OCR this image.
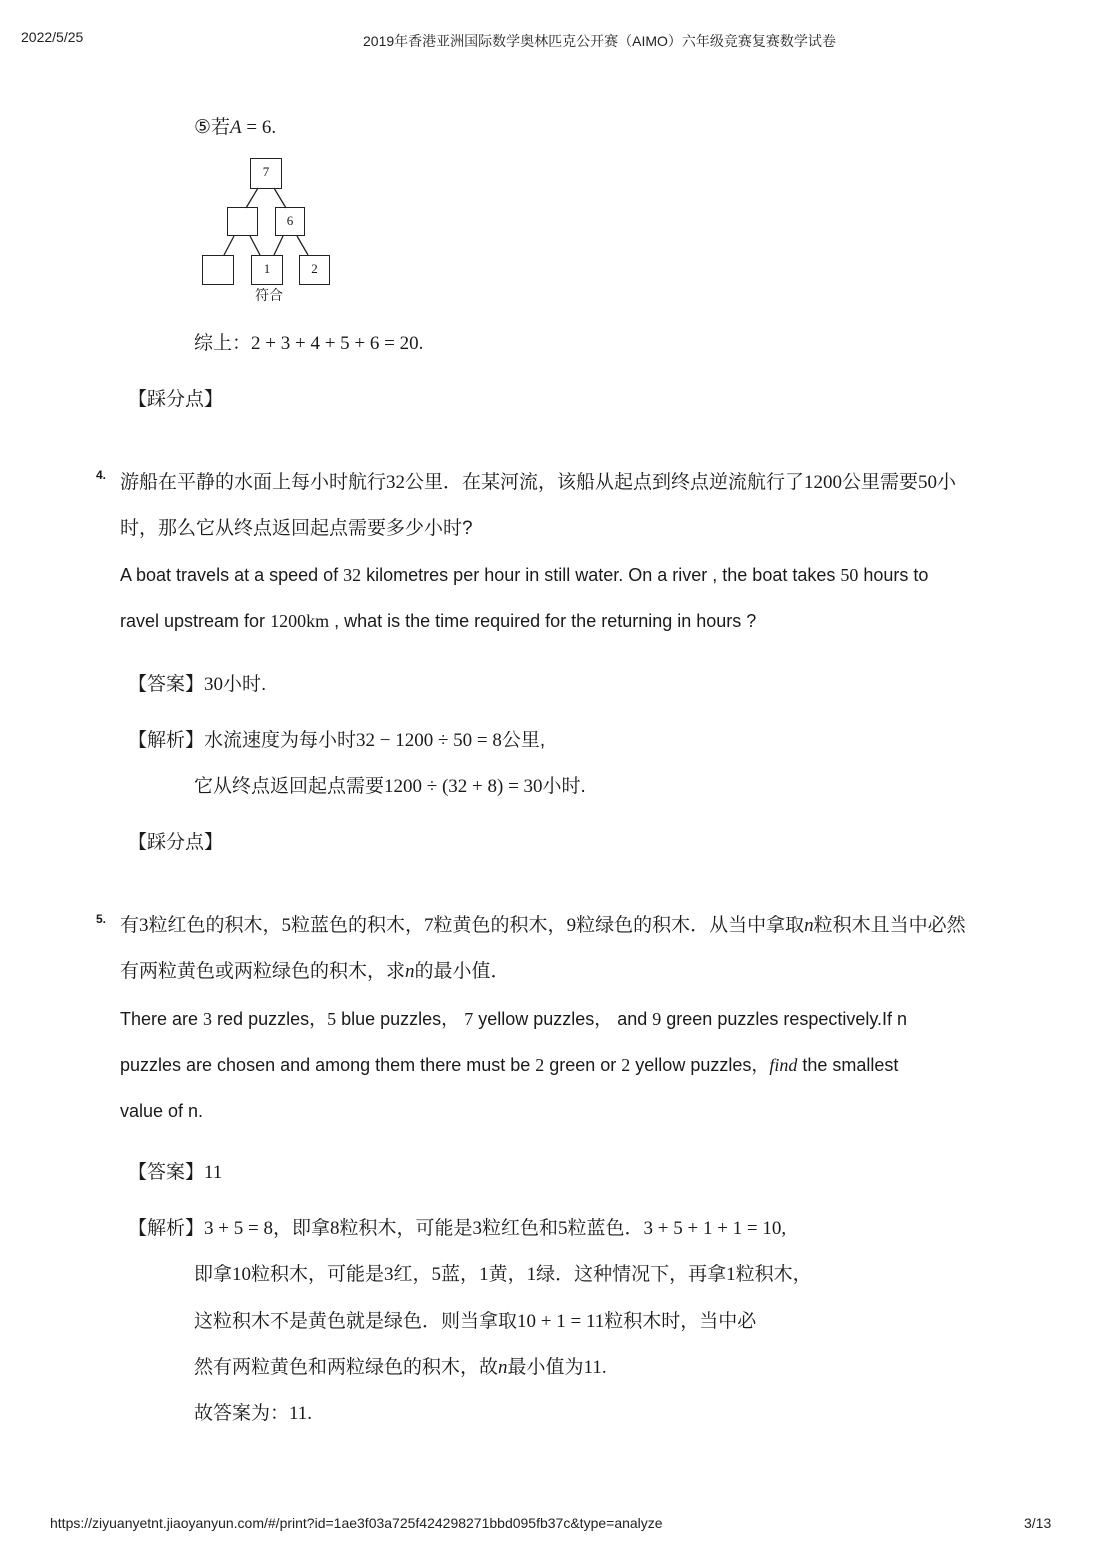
2022/5/25	2019年香港亚洲国际数学奥林匹克公开赛（AIMO）六年级竞赛复赛数学试卷
⑤若A = 6.
7
6
1	2
符合
综上：2 + 3 + 4 + 5 + 6 = 20.
【踩分点】
4. 游船在平静的水面上每小时航行32公里．在某河流，该船从起点到终点逆流航行了1200公里需要50小
时，那么它从终点返回起点需要多少小时?
A boat travels at a speed of 32 kilometres per hour in still water. On a river , the boat takes 50 hours to
ravel upstream for 1200km , what is the time required for the returning in hours ?
【答案】30小时.
【解析】水流速度为每小时32 − 1200 ÷ 50 = 8公里,
它从终点返回起点需要1200 ÷ (32 + 8) = 30小时.
【踩分点】
5. 有3粒红色的积木，5粒蓝色的积木，7粒黄色的积木，9粒绿色的积木．从当中拿取n粒积木且当中必然
有两粒黄色或两粒绿色的积木，求n的最小值．
There are 3 red puzzles，5 blue puzzles， 7 yellow puzzles， and 9 green puzzles respectively.If n
puzzles are chosen and among them there must be 2 green or 2 yellow puzzles，find the smallest
value of n.
【答案】11
【解析】3 + 5 = 8，即拿8粒积木，可能是3粒红色和5粒蓝色．3 + 5 + 1 + 1 = 10,
即拿10粒积木，可能是3红，5蓝，1黄，1绿．这种情况下，再拿1粒积木，
这粒积木不是黄色就是绿色．则当拿取10 + 1 = 11粒积木时，当中必
然有两粒黄色和两粒绿色的积木，故n最小值为11.
故答案为：11.
https://ziyuanyetnt.jiaoyanyun.com/#/print?id=1ae3f03a725f424298271bbd095fb37c&type=analyze	3/13
